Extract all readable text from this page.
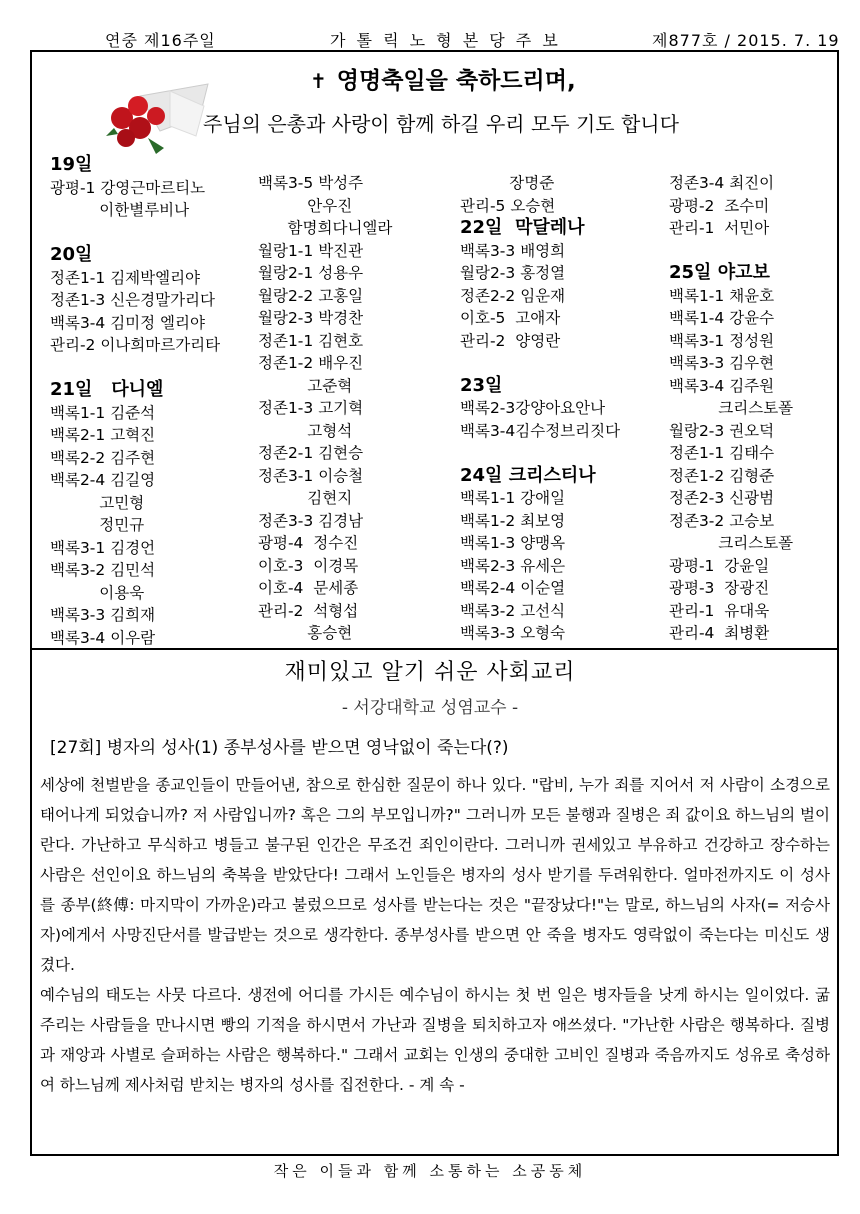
연중 제16주일	가 톨 릭 노 형 본 당 주 보	제877호 / 2015. 7. 19
✝ 영명축일을 축하드리며,
주님의 은총과 사랑이 함께 하길 우리 모두 기도 합니다
19일
광평-1 강영근마르티노
이한별루비나
20일
정존1-1 김제박엘리야
정존1-3 신은경말가리다
백록3-4 김미정 엘리야
관리-2 이나희마르가리타
21일   다니엘
백록1-1 김준석
백록2-1 고혁진
백록2-2 김주현
백록2-4 김길영
고민형
정민규
백록3-1 김경언
백록3-2 김민석
이용욱
백록3-3 김희재
백록3-4 이우람
백록3-5 박성주
안우진
함명희다니엘라
월랑1-1 박진관
월랑2-1 성용우
월랑2-2 고홍일
월랑2-3 박경찬
정존1-1 김현호
정존1-2 배우진
고준혁
정존1-3 고기혁
고형석
정존2-1 김현승
정존3-1 이승철
김현지
정존3-3 김경남
광평-4  정수진
이호-3  이경목
이호-4  문세종
관리-2  석형섭
홍승현
장명준
관리-5 오승현
22일  막달레나
백록3-3 배영희
월랑2-3 홍정열
정존2-2 임운재
이호-5  고애자
관리-2  양영란
23일
백록2-3강양아요안나
백록3-4김수정브리짓다
24일 크리스티나
백록1-1 강애일
백록1-2 최보영
백록1-3 양맹옥
백록2-3 유세은
백록2-4 이순열
백록3-2 고선식
백록3-3 오형숙
정존3-4 최진이
광평-2  조수미
관리-1  서민아
25일 야고보
백록1-1 채윤호
백록1-4 강윤수
백록3-1 정성원
백록3-3 김우현
백록3-4 김주원
크리스토폴
월랑2-3 권오덕
정존1-1 김태수
정존1-2 김형준
정존2-3 신광범
정존3-2 고승보
크리스토폴
광평-1  강윤일
광평-3  장광진
관리-1  유대욱
관리-4  최병환
재미있고 알기 쉬운 사회교리
- 서강대학교 성염교수 -
[27회] 병자의 성사(1) 종부성사를 받으면 영낙없이 죽는다(?)

세상에 천벌받을 종교인들이 만들어낸, 참으로 한심한 질문이 하나 있다. "랍비, 누가 죄를 지어서 저 사람이 소경으로 태어나게 되었습니까? 저 사람입니까? 혹은 그의 부모입니까?" 그러니까 모든 불행과 질병은 죄 값이요 하느님의 벌이란다. 가난하고 무식하고 병들고 불구된 인간은 무조건 죄인이란다. 그러니까 권세있고 부유하고 건강하고 장수하는 사람은 선인이요 하느님의 축복을 받았단다! 그래서 노인들은 병자의 성사 받기를 두려워한다. 얼마전까지도 이 성사를 종부(終傅: 마지막이 가까운)라고 불렀으므로 성사를 받는다는 것은 "끝장났다!"는 말로, 하느님의 사자(= 저승사자)에게서 사망진단서를 발급받는 것으로 생각한다. 종부성사를 받으면 안 죽을 병자도 영락없이 죽는다는 미신도 생겼다.

예수님의 태도는 사뭇 다르다. 생전에 어디를 가시든 예수님이 하시는 첫 번 일은 병자들을 낫게 하시는 일이었다. 굶주리는 사람들을 만나시면 빵의 기적을 하시면서 가난과 질병을 퇴치하고자 애쓰셨다. "가난한 사람은 행복하다. 질병과 재앙과 사별로 슬퍼하는 사람은 행복하다." 그래서 교회는 인생의 중대한 고비인 질병과 죽음까지도 성유로 축성하여 하느님께 제사처럼 받치는 병자의 성사를 집전한다. - 계 속 -

작은 이들과 함께 소통하는 소공동체
